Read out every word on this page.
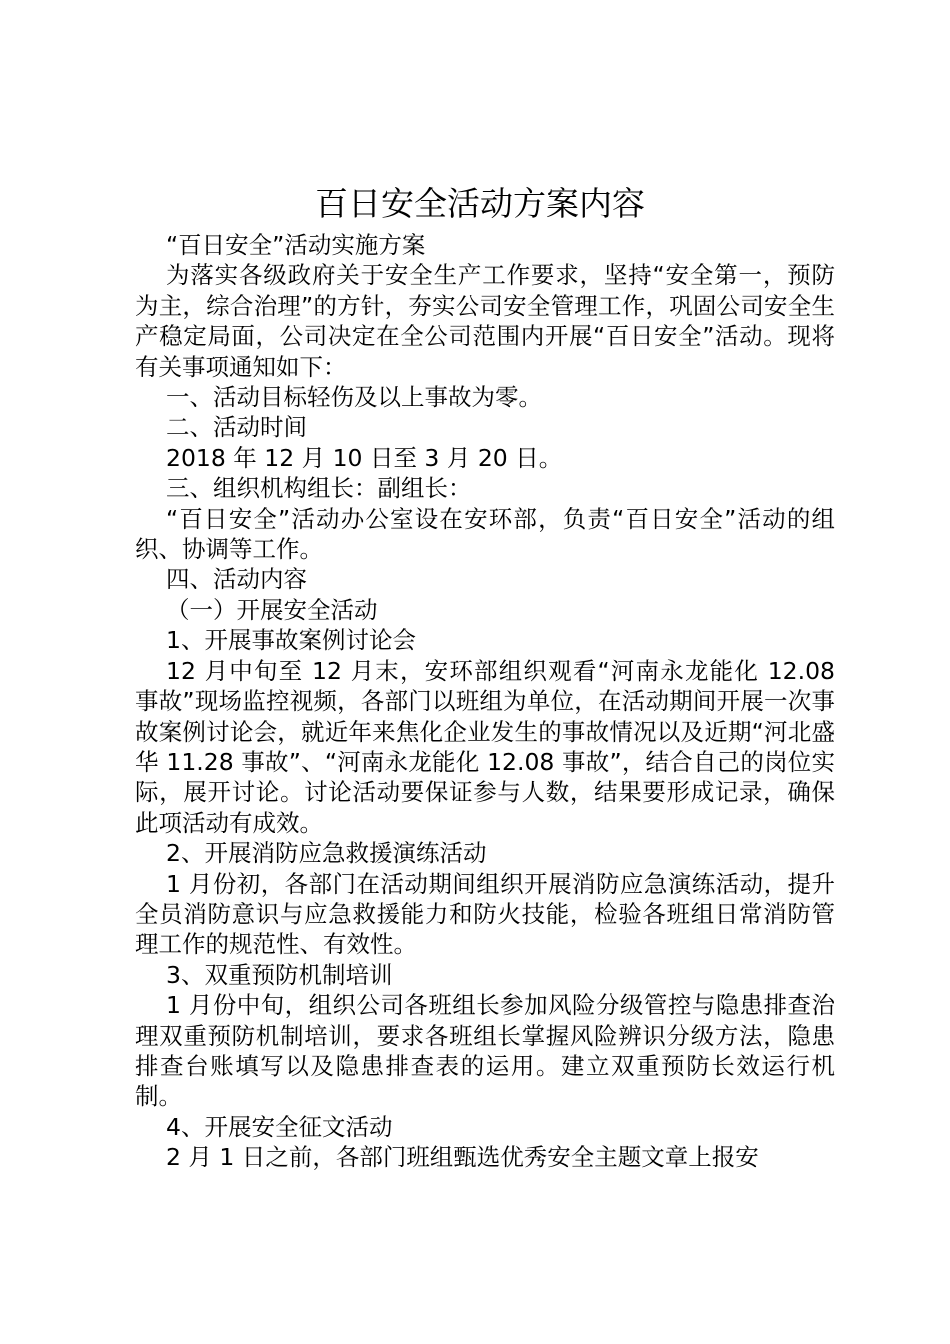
百日安全活动方案内容

“百日安全”活动实施方案

为落实各级政府关于安全生产工作要求，坚持“安全第一，预防为主，综合治理”的方针，夯实公司安全管理工作，巩固公司安全生产稳定局面，公司决定在全公司范围内开展“百日安全”活动。现将有关事项通知如下：

一、活动目标轻伤及以上事故为零。

二、活动时间

2018 年 12 月 10 日至 3 月 20 日。

三、组织机构组长：副组长：

“百日安全”活动办公室设在安环部，负责“百日安全”活动的组织、协调等工作。

四、活动内容

（一）开展安全活动

1、开展事故案例讨论会

12 月中旬至 12 月末，安环部组织观看“河南永龙能化 12.08 事故”现场监控视频，各部门以班组为单位，在活动期间开展一次事故案例讨论会，就近年来焦化企业发生的事故情况以及近期“河北盛华 11.28 事故”、“河南永龙能化 12.08 事故”，结合自己的岗位实际，展开讨论。讨论活动要保证参与人数，结果要形成记录，确保此项活动有成效。

2、开展消防应急救援演练活动

1 月份初，各部门在活动期间组织开展消防应急演练活动，提升全员消防意识与应急救援能力和防火技能，检验各班组日常消防管理工作的规范性、有效性。

3、双重预防机制培训

1 月份中旬，组织公司各班组长参加风险分级管控与隐患排查治理双重预防机制培训，要求各班组长掌握风险辨识分级方法，隐患排查台账填写以及隐患排查表的运用。建立双重预防长效运行机制。

4、开展安全征文活动

2 月 1 日之前，各部门班组甄选优秀安全主题文章上报安
